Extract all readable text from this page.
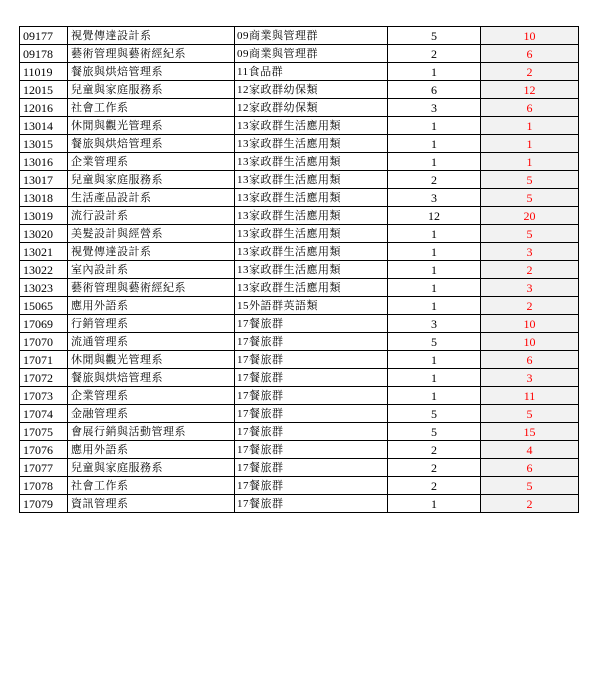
09177	視覺傳達設計系	09商業與管理群	5	10
09178	藝術管理與藝術經紀系	09商業與管理群	2	6
11019	餐旅與烘焙管理系	11食品群	1	2
12015	兒童與家庭服務系	12家政群幼保類	6	12
12016	社會工作系	12家政群幼保類	3	6
13014	休閒與觀光管理系	13家政群生活應用類	1	1
13015	餐旅與烘焙管理系	13家政群生活應用類	1	1
13016	企業管理系	13家政群生活應用類	1	1
13017	兒童與家庭服務系	13家政群生活應用類	2	5
13018	生活產品設計系	13家政群生活應用類	3	5
13019	流行設計系	13家政群生活應用類	12	20
13020	美髮設計與經營系	13家政群生活應用類	1	5
13021	視覺傳達設計系	13家政群生活應用類	1	3
13022	室內設計系	13家政群生活應用類	1	2
13023	藝術管理與藝術經紀系	13家政群生活應用類	1	3
15065	應用外語系	15外語群英語類	1	2
17069	行銷管理系	17餐旅群	3	10
17070	流通管理系	17餐旅群	5	10
17071	休閒與觀光管理系	17餐旅群	1	6
17072	餐旅與烘焙管理系	17餐旅群	1	3
17073	企業管理系	17餐旅群	1	11
17074	金融管理系	17餐旅群	5	5
17075	會展行銷與活動管理系	17餐旅群	5	15
17076	應用外語系	17餐旅群	2	4
17077	兒童與家庭服務系	17餐旅群	2	6
17078	社會工作系	17餐旅群	2	5
17079	資訊管理系	17餐旅群	1	2
